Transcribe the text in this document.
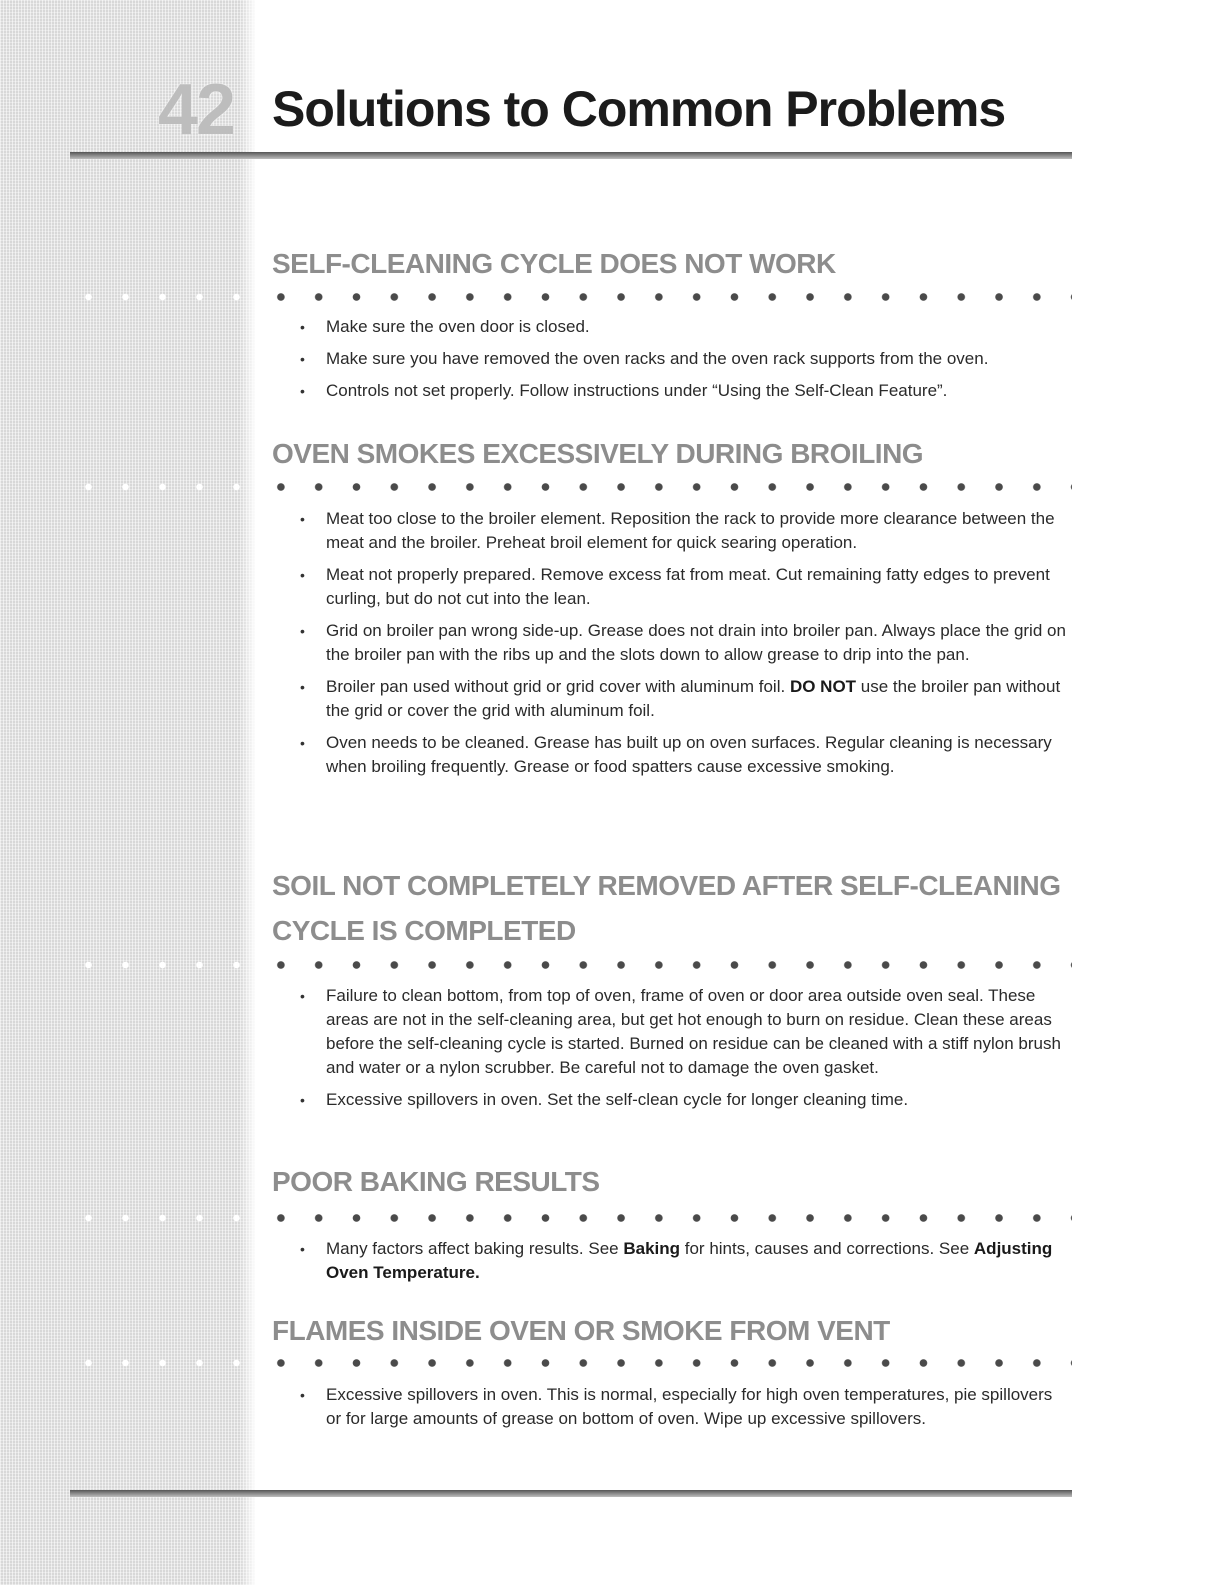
42 Solutions to Common Problems
SELF-CLEANING CYCLE DOES NOT WORK
• Make sure the oven door is closed.
• Make sure you have removed the oven racks and the oven rack supports from the oven.
• Controls not set properly. Follow instructions under “Using the Self-Clean Feature”.
OVEN SMOKES EXCESSIVELY DURING BROILING
• Meat too close to the broiler element. Reposition the rack to provide more clearance between the meat and the broiler. Preheat broil element for quick searing operation.
• Meat not properly prepared. Remove excess fat from meat. Cut remaining fatty edges to prevent curling, but do not cut into the lean.
• Grid on broiler pan wrong side-up. Grease does not drain into broiler pan. Always place the grid on the broiler pan with the ribs up and the slots down to allow grease to drip into the pan.
• Broiler pan used without grid or grid cover with aluminum foil. DO NOT use the broiler pan without the grid or cover the grid with aluminum foil.
• Oven needs to be cleaned. Grease has built up on oven surfaces. Regular cleaning is necessary when broiling frequently. Grease or food spatters cause excessive smoking.
SOIL NOT COMPLETELY REMOVED AFTER SELF-CLEANING
CYCLE IS COMPLETED
• Failure to clean bottom, from top of oven, frame of oven or door area outside oven seal. These areas are not in the self-cleaning area, but get hot enough to burn on residue. Clean these areas before the self-cleaning cycle is started. Burned on residue can be cleaned with a stiff nylon brush and water or a nylon scrubber. Be careful not to damage the oven gasket.
• Excessive spillovers in oven. Set the self-clean cycle for longer cleaning time.
POOR BAKING RESULTS
• Many factors affect baking results. See Baking for hints, causes and corrections. See Adjusting Oven Temperature.
FLAMES INSIDE OVEN OR SMOKE FROM VENT
• Excessive spillovers in oven. This is normal, especially for high oven temperatures, pie spillovers or for large amounts of grease on bottom of oven. Wipe up excessive spillovers.
